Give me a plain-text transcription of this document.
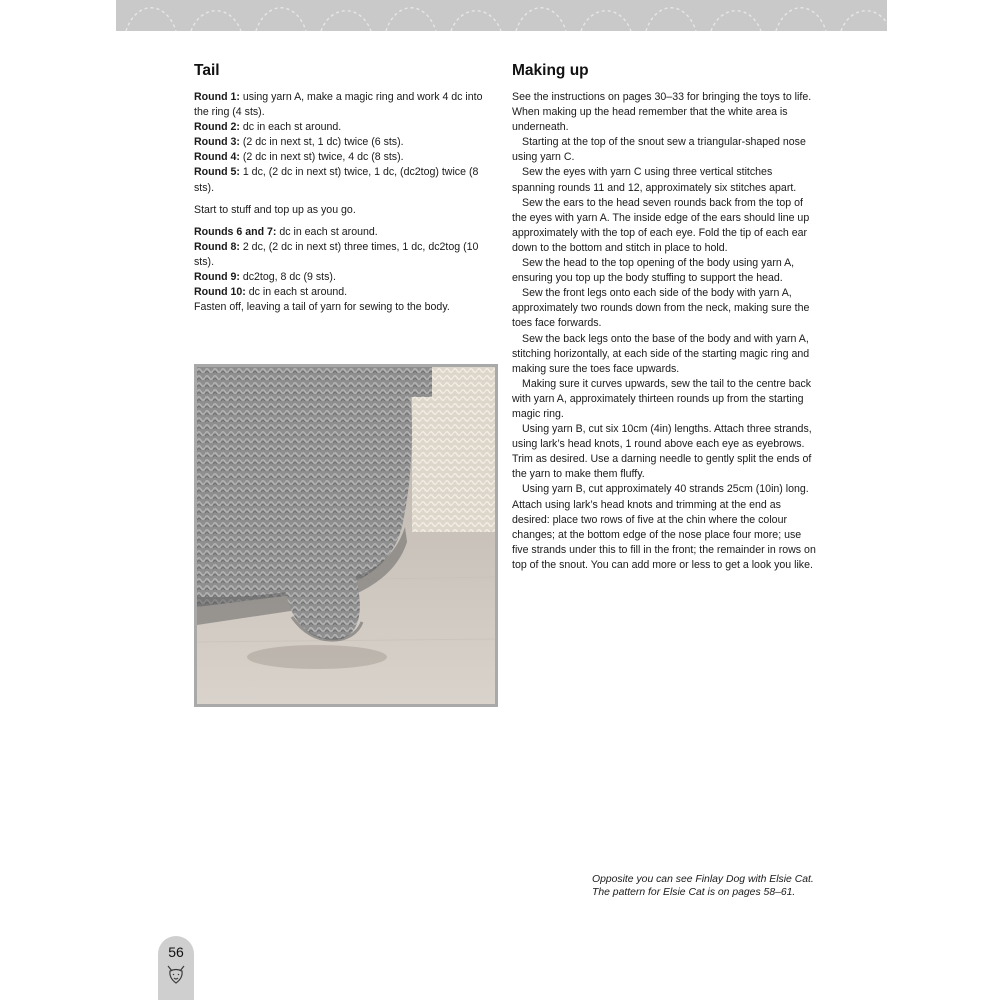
Tail

Round 1: using yarn A, make a magic ring and work 4 dc into the ring (4 sts).

Round 2: dc in each st around.

Round 3: (2 dc in next st, 1 dc) twice (6 sts).

Round 4: (2 dc in next st) twice, 4 dc (8 sts).

Round 5: 1 dc, (2 dc in next st) twice, 1 dc, (dc2tog) twice (8 sts).

Start to stuff and top up as you go.

Rounds 6 and 7: dc in each st around.

Round 8: 2 dc, (2 dc in next st) three times, 1 dc, dc2tog (10 sts).

Round 9: dc2tog, 8 dc (9 sts).

Round 10: dc in each st around.

Fasten off, leaving a tail of yarn for sewing to the body.

Making up

See the instructions on pages 30–33 for bringing the toys to life. When making up the head remember that the white area is underneath.

Starting at the top of the snout sew a triangular-shaped nose using yarn C.

Sew the eyes with yarn C using three vertical stitches spanning rounds 11 and 12, approximately six stitches apart.

Sew the ears to the head seven rounds back from the top of the eyes with yarn A. The inside edge of the ears should line up approximately with the top of each eye. Fold the tip of each ear down to the bottom and stitch in place to hold.

Sew the head to the top opening of the body using yarn A, ensuring you top up the body stuffing to support the head.

Sew the front legs onto each side of the body with yarn A, approximately two rounds down from the neck, making sure the toes face forwards.

Sew the back legs onto the base of the body and with yarn A, stitching horizontally, at each side of the starting magic ring and making sure the toes face upwards.

Making sure it curves upwards, sew the tail to the centre back with yarn A, approximately thirteen rounds up from the starting magic ring.

Using yarn B, cut six 10cm (4in) lengths. Attach three strands, using lark’s head knots, 1 round above each eye as eyebrows. Trim as desired. Use a darning needle to gently split the ends of the yarn to make them fluffy.

Using yarn B, cut approximately 40 strands 25cm (10in) long. Attach using lark’s head knots and trimming at the end as desired: place two rows of five at the chin where the colour changes; at the bottom edge of the nose place four more; use five strands under this to fill in the front; the remainder in rows on top of the snout. You can add more or less to get a look you like.

Opposite you can see Finlay Dog with Elsie Cat.
The pattern for Elsie Cat is on pages 58–61.
56
